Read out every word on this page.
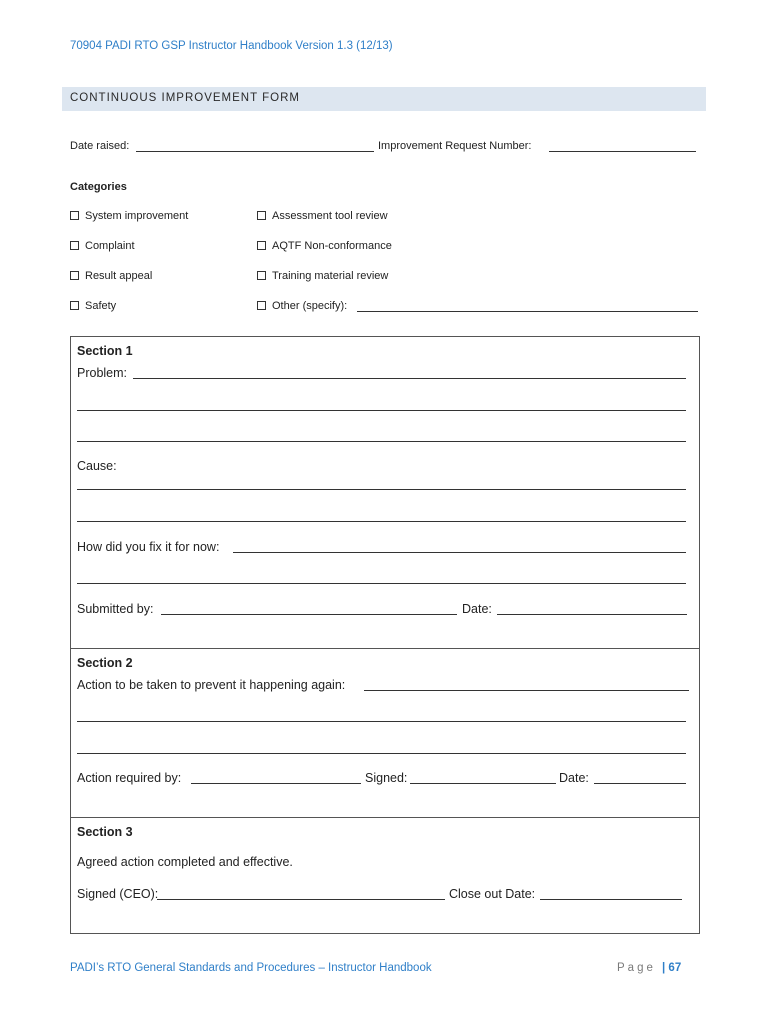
70904 PADI RTO GSP Instructor Handbook Version 1.3 (12/13)
CONTINUOUS IMPROVEMENT FORM
Date raised:	Improvement Request Number:
Categories
System improvement	Assessment tool review
Complaint	AQTF Non-conformance
Result appeal	Training material review
Safety	Other (specify):
Section 1
Problem:
Cause:
How did you fix it for now:
Submitted by:	Date:
Section 2
Action to be taken to prevent it happening again:
Action required by:	Signed:	Date:
Section 3
Agreed action completed and effective.
Signed (CEO):	Close out Date:
PADI’s RTO General Standards and Procedures – Instructor Handbook	Page | 67
